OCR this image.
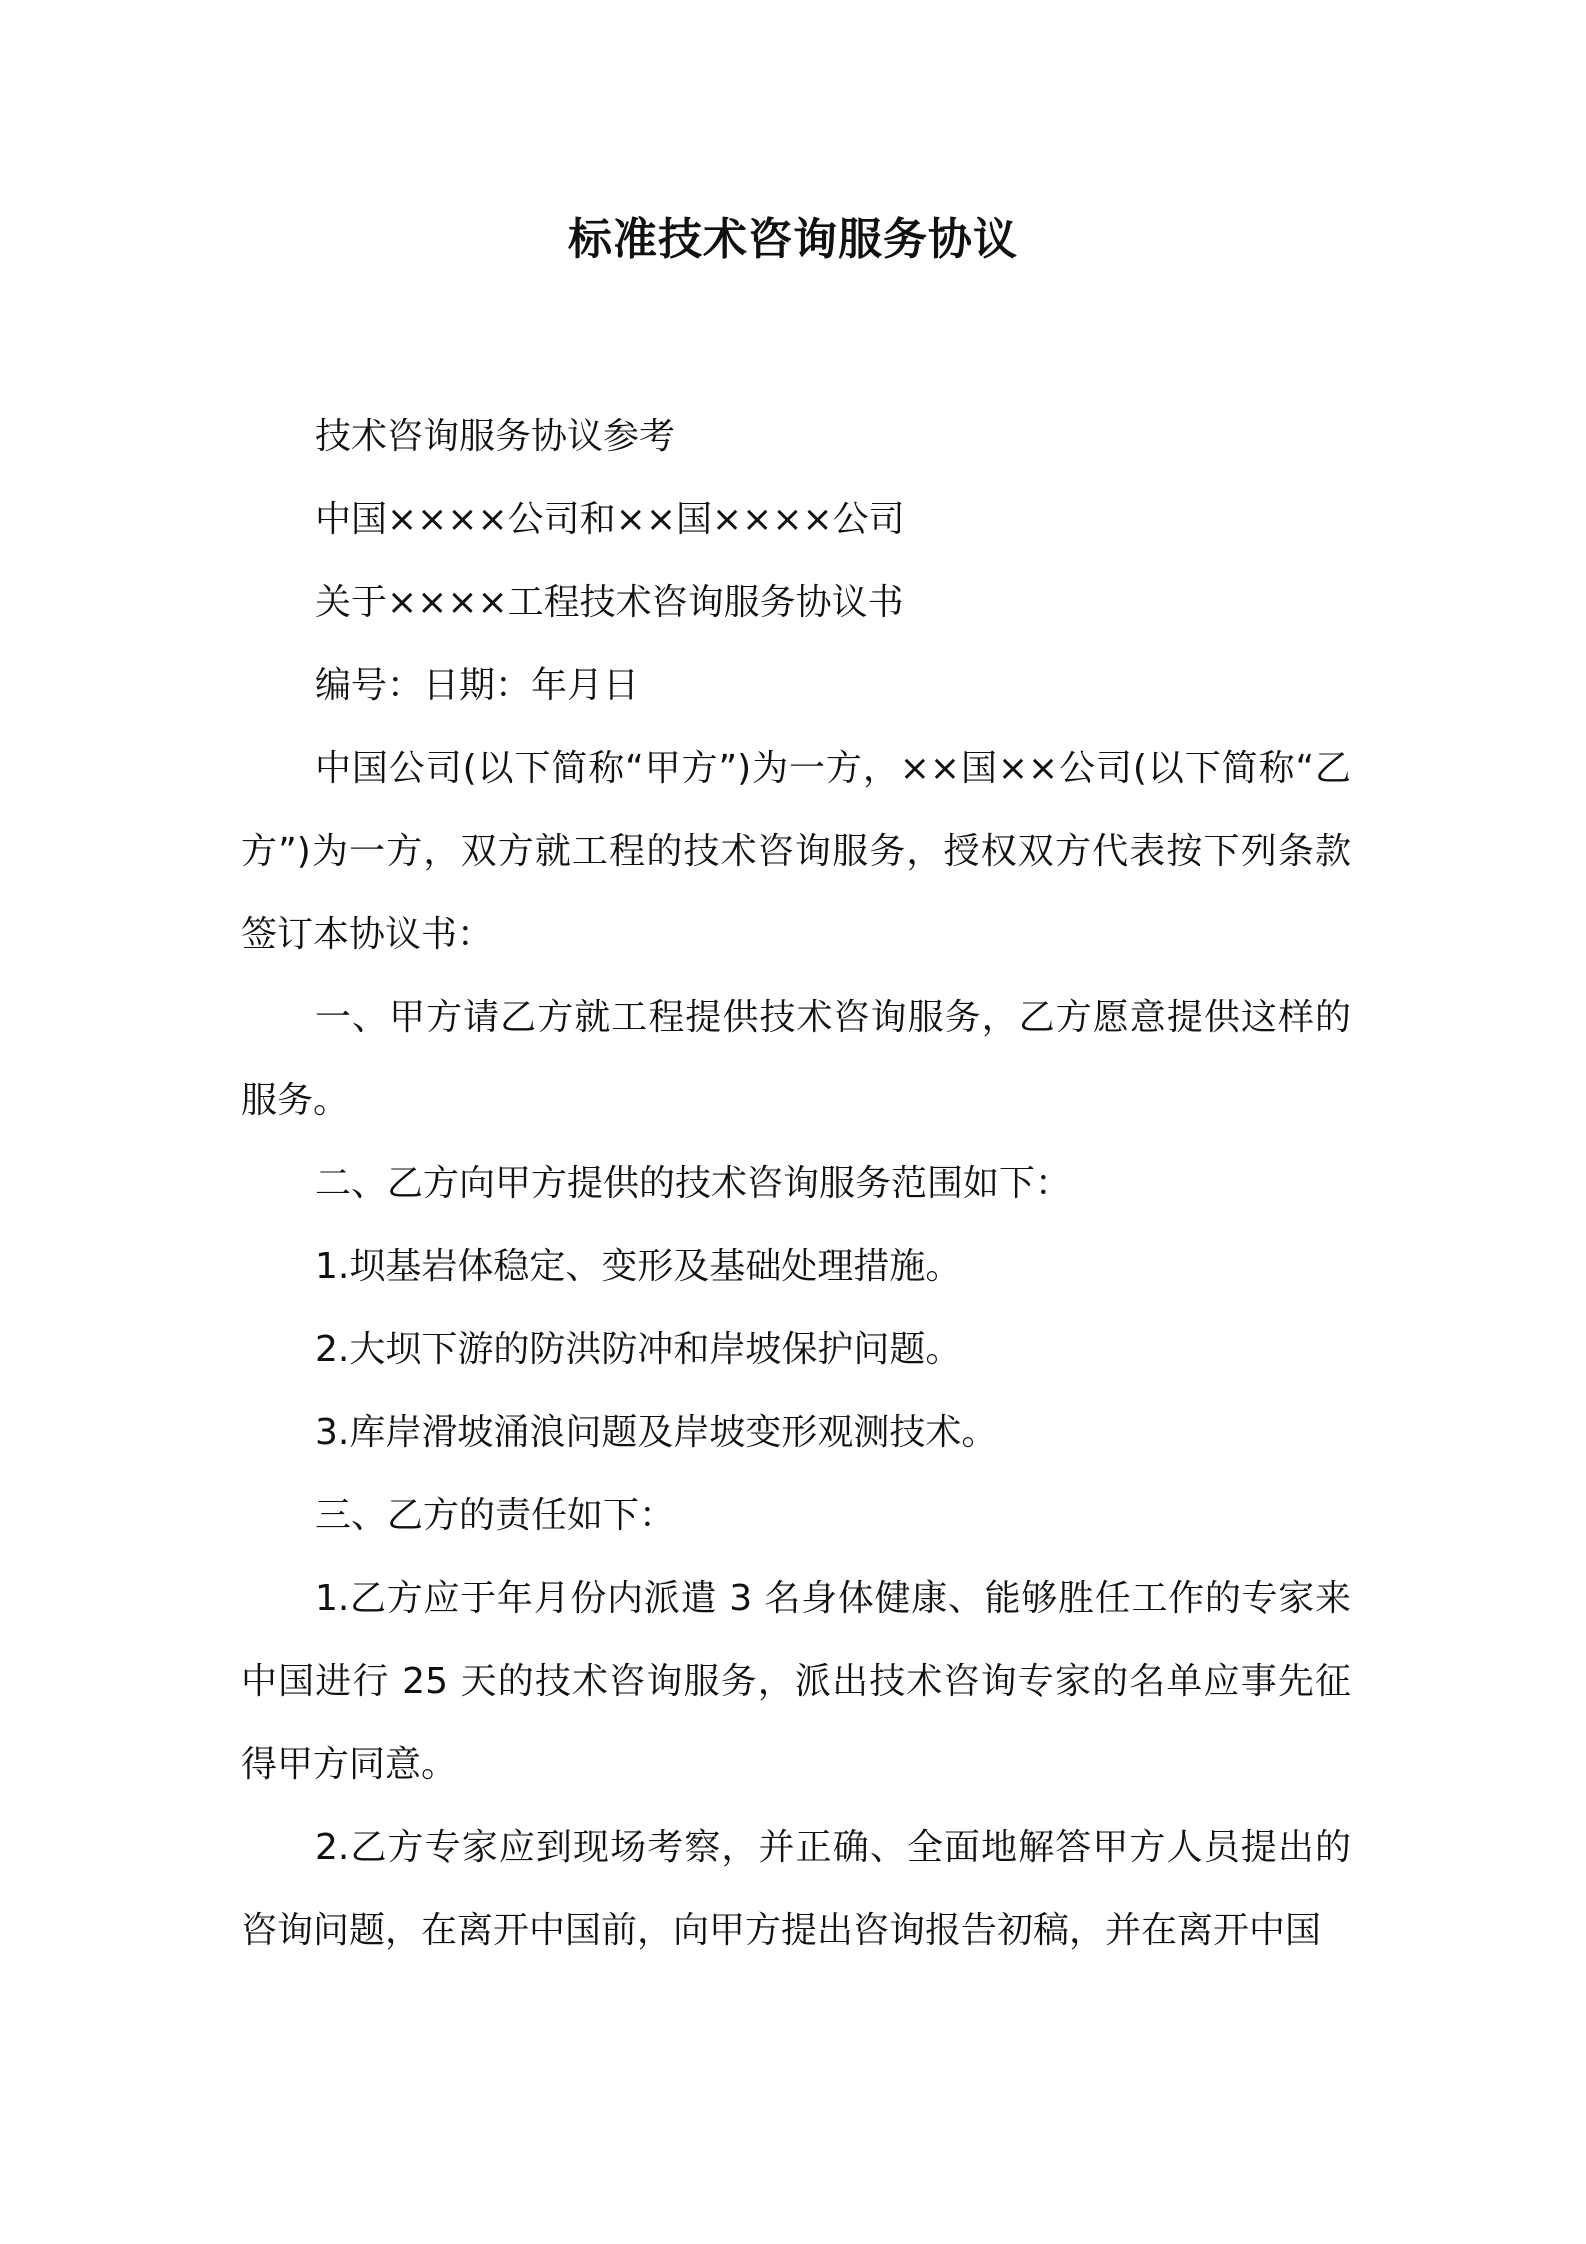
标准技术咨询服务协议

技术咨询服务协议参考

中国××××公司和××国××××公司

关于××××工程技术咨询服务协议书

编号：日期：年月日

中国公司(以下简称“甲方”)为一方，××国××公司(以下简称“乙方”)为一方，双方就工程的技术咨询服务，授权双方代表按下列条款签订本协议书：

一、甲方请乙方就工程提供技术咨询服务，乙方愿意提供这样的服务。

二、乙方向甲方提供的技术咨询服务范围如下：

1.坝基岩体稳定、变形及基础处理措施。

2.大坝下游的防洪防冲和岸坡保护问题。

3.库岸滑坡涌浪问题及岸坡变形观测技术。

三、乙方的责任如下：

1.乙方应于年月份内派遣 3 名身体健康、能够胜任工作的专家来中国进行 25 天的技术咨询服务，派出技术咨询专家的名单应事先征得甲方同意。

2.乙方专家应到现场考察，并正确、全面地解答甲方人员提出的咨询问题，在离开中国前，向甲方提出咨询报告初稿，并在离开中国
